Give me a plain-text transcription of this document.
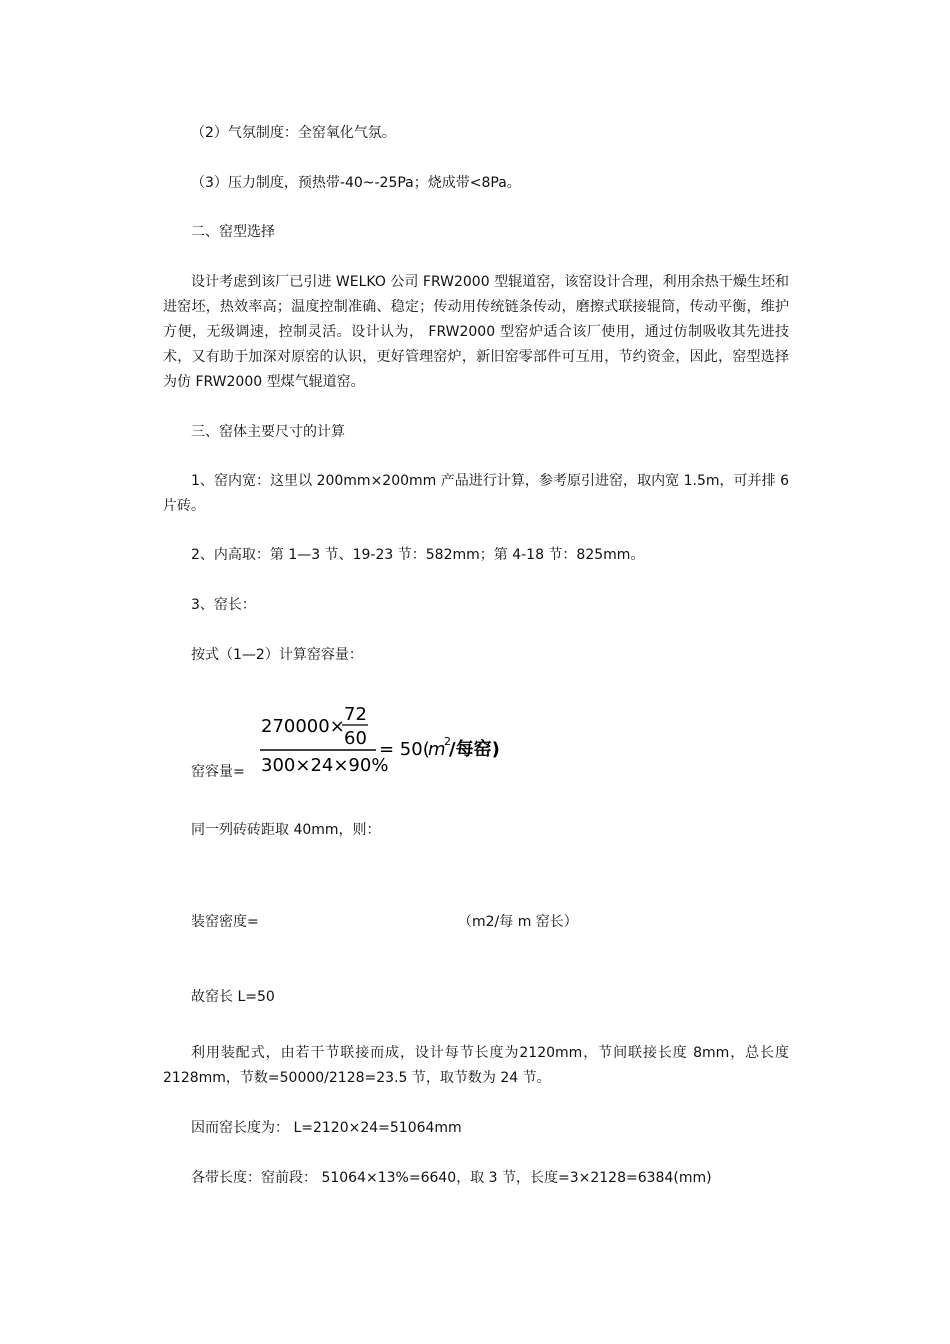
（2）气氛制度：全窑氧化气氛。

（3）压力制度，预热带-40~-25Pa；烧成带<8Pa。

二、窑型选择

设计考虑到该厂已引进 WELKO 公司 FRW2000 型辊道窑，该窑设计合理，利用余热干燥生坯和进窑坯，热效率高；温度控制准确、稳定；传动用传统链条传动，磨擦式联接辊筒，传动平衡，维护方便，无级调速，控制灵活。设计认为， FRW2000 型窑炉适合该厂使用，通过仿制吸收其先进技术，又有助于加深对原窑的认识，更好管理窑炉，新旧窑零部件可互用，节约资金，因此，窑型选择为仿 FRW2000 型煤气辊道窑。

三、窑体主要尺寸的计算

1、窑内宽：这里以 200mm×200mm 产品进行计算，参考原引进窑，取内宽 1.5m，可并排 6 片砖。

2、内高取：第 1—3 节、19-23 节：582mm；第 4-18 节：825mm。

3、窑长：

按式（1—2）计算窑容量：

窑容量=

270000×
72
60
300×24×90%
= 50(
m
2
/每窑)

同一列砖砖距取 40mm，则：

装窑密度=	（m2/每 m 窑长）

故窑长 L=50

利用装配式，由若干节联接而成，设计每节长度为2120mm，节间联接长度 8mm，总长度 2128mm，节数=50000/2128=23.5 节，取节数为 24 节。

因而窑长度为： L=2120×24=51064mm

各带长度：窑前段： 51064×13%=6640，取 3 节，长度=3×2128=6384(mm)
